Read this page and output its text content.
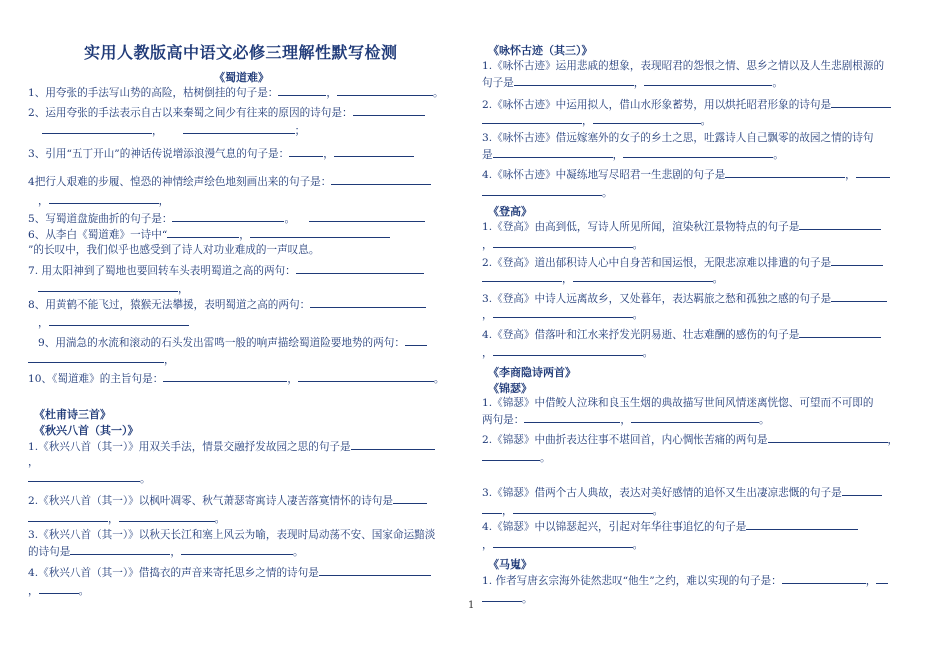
实用人教版高中语文必修三理解性默写检测
《蜀道难》
1、用夸张的手法写山势的高险，枯树倒挂的句子是：	，	。
2、运用夸张的手法表示自古以来秦蜀之间少有往来的原因的诗句是：
，	；
3、引用“五丁开山”的神话传说增添浪漫气息的句子是：	，
4把行人艰难的步履、惶恐的神情绘声绘色地刻画出来的句子是：
，	，
5、写蜀道盘旋曲折的句子是：	。
6、从李白《蜀道难》一诗中“	，
”的长叹中，我们似乎也感受到了诗人对功业难成的一声叹息。
7. 用太阳神到了蜀地也要回转车头表明蜀道之高的两句：
，
8、用黄鹤不能飞过，猿猴无法攀援，表明蜀道之高的两句：
，
9、用湍急的水流和滚动的石头发出雷鸣一般的响声描绘蜀道险要地势的两句：
，
10、《蜀道难》的主旨句是：	，	。
《杜甫诗三首》
《秋兴八首（其一）》
1.《秋兴八首（其一）》用双关手法，情景交融抒发故园之思的句子是
，
。
2.《秋兴八首（其一）》以枫叶凋零、秋气萧瑟寄寓诗人凄苦落寞情怀的诗句是
，	。
3.《秋兴八首（其一）》以秋天长江和塞上风云为喻，表现时局动荡不安、国家命运黯淡
的诗句是	，	。
4.《秋兴八首（其一）》借捣衣的声音来寄托思乡之情的诗句是
，	。
《咏怀古迹（其三）》
1.《咏怀古迹》运用悲戚的想象，表现昭君的怨恨之情、思乡之情以及人生悲剧根源的
句子是	，	。
2.《咏怀古迹》中运用拟人，借山水形象蓄势，用以烘托昭君形象的诗句是
，	。
3.《咏怀古迹》借远嫁塞外的女子的乡土之思，吐露诗人自己飘零的故园之情的诗句
是	，	。
4.《咏怀古迹》中凝练地写尽昭君一生悲剧的句子是	，
。
《登高》
1.《登高》由高到低，写诗人所见所闻，渲染秋江景物特点的句子是
，	。
2.《登高》道出郁积诗人心中自身苦和国运恨，无限悲凉难以排遣的句子是
，	。
3.《登高》中诗人远离故乡，又处暮年，表达羁旅之愁和孤独之感的句子是
，	。
4.《登高》借落叶和江水来抒发光阴易逝、壮志难酬的感伤的句子是
，	。
《李商隐诗两首》
《锦瑟》
1.《锦瑟》中借鲛人泣珠和良玉生烟的典故描写世间风情迷离恍惚、可望而不可即的
两句是：	，	。
2.《锦瑟》中曲折表达往事不堪回首，内心惆怅苦痛的两句是	，
。
3.《锦瑟》借两个古人典故，表达对美好感情的追怀又生出凄凉悲慨的句子是
，	。
4.《锦瑟》中以锦瑟起兴，引起对年华往事追忆的句子是
，	。
《马嵬》
1. 作者写唐玄宗海外徒然悲叹“他生”之约，难以实现的句子是：	，
。
1
